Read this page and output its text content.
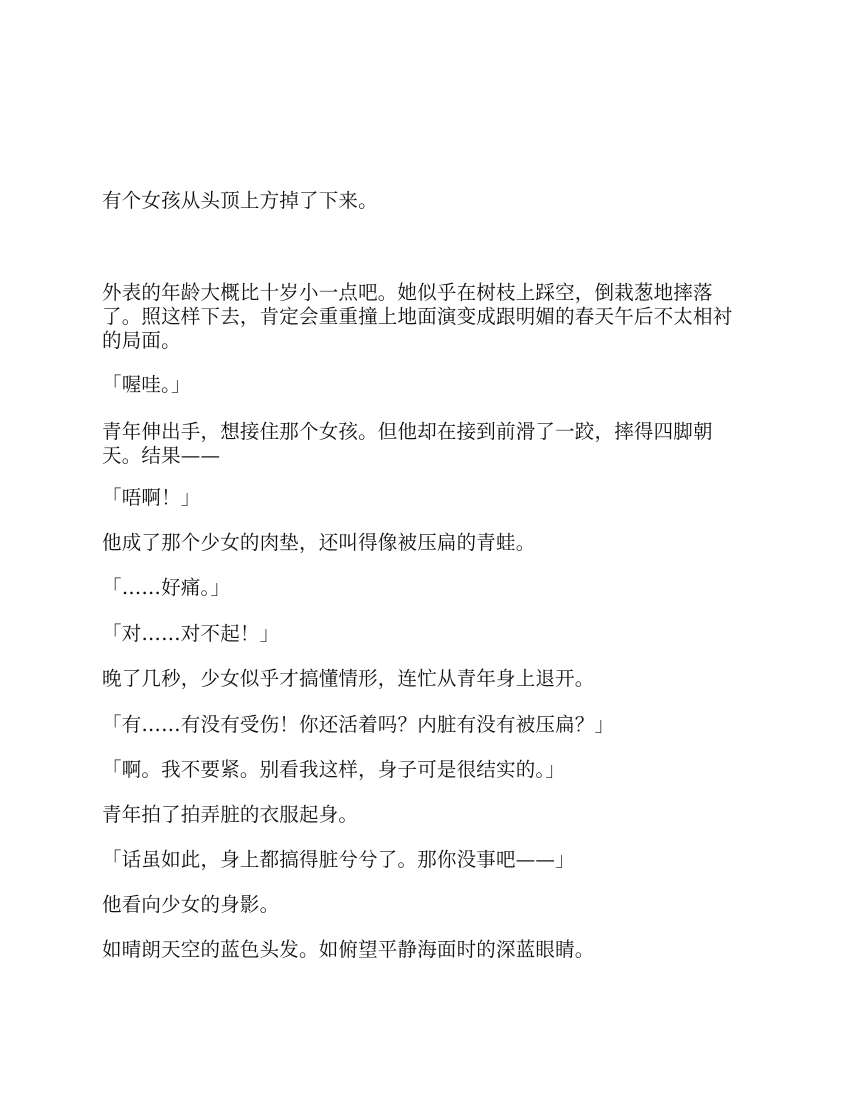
有个女孩从头顶上方掉了下来。

外表的年龄大概比十岁小一点吧。她似乎在树枝上踩空，倒栽葱地摔落了。照这样下去，肯定会重重撞上地面演变成跟明媚的春天午后不太相衬的局面。

「喔哇。」

青年伸出手，想接住那个女孩。但他却在接到前滑了一跤，摔得四脚朝天。结果——

「唔啊！」

他成了那个少女的肉垫，还叫得像被压扁的青蛙。

「……好痛。」

「对……对不起！」

晚了几秒，少女似乎才搞懂情形，连忙从青年身上退开。

「有……有没有受伤！你还活着吗？内脏有没有被压扁？」

「啊。我不要紧。别看我这样，身子可是很结实的。」

青年拍了拍弄脏的衣服起身。

「话虽如此，身上都搞得脏兮兮了。那你没事吧——」

他看向少女的身影。

如晴朗天空的蓝色头发。如俯望平静海面时的深蓝眼睛。
